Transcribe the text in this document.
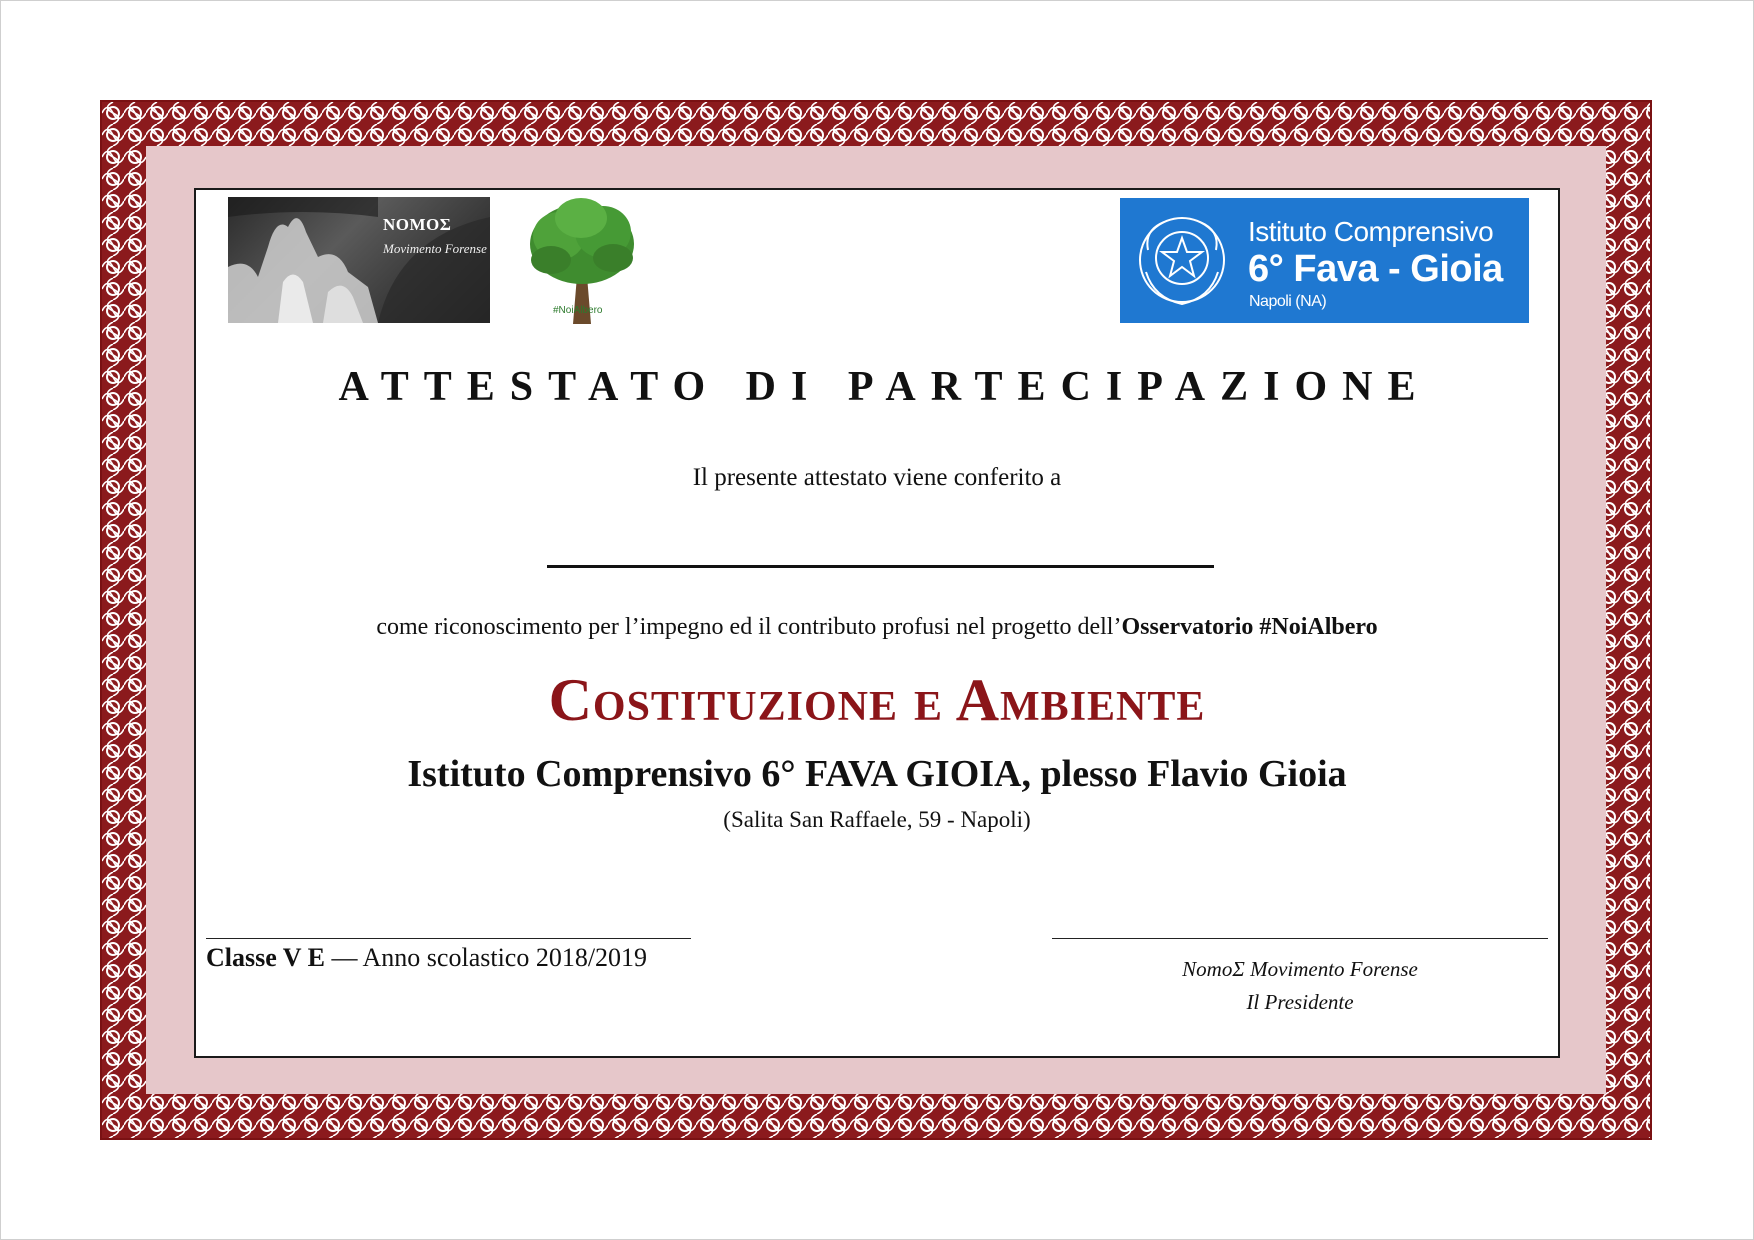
ΝΟΜΟΣ
Movimento Forense
#NoiAlbero
Istituto Comprensivo
6° Fava - Gioia
Napoli (NA)
ATTESTATO DI PARTECIPAZIONE
Il presente attestato viene conferito a
come riconoscimento per l’impegno ed il contributo profusi nel progetto dell’Osservatorio #NoiAlbero
Costituzione e Ambiente
Istituto Comprensivo 6° FAVA GIOIA, plesso Flavio Gioia
(Salita San Raffaele, 59 - Napoli)
Classe V E — Anno scolastico 2018/2019	NomoΣ Movimento Forense
Il Presidente
